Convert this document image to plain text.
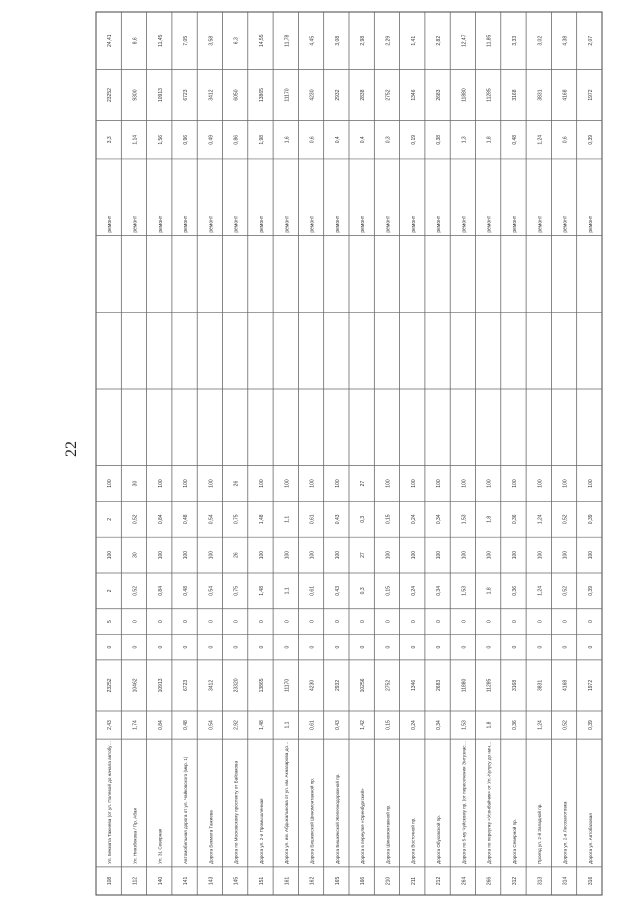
108
Ул. Бекмата Тажиева (от ул. Полевой до начала автобу…
2,43
23252
0
5
2
100
2
100
ремонт
3,3
23252
24,41
112
Ул. Ниязбекова / Пр. Абая
1,74
10462
0
0
0,52
30
0,52
30
ремонт
1,14
9300
8,6
140
Ул. 31 Северная
0,84
10913
0
0
0,84
100
0,84
100
ремонт
1,56
10913
11,45
141
Автомобильная дорога от ул. Чайковского (мкр. 1)
0,48
6723
0
0
0,48
100
0,48
100
ремонт
0,96
6723
7,05
143
Дорога Бекмата Тажиева
0,54
3412
0
0
0,54
100
0,54
100
ремонт
0,49
3412
3,58
145
Дорога по Московскому проспекту от Байзакова
2,92
23320
0
0
0,75
26
0,75
26
ремонт
0,86
6050
6,3
151
Дорога ул. 2-я Промышленная
1,48
13865
0
0
1,48
100
1,48
100
ремонт
1,98
13865
14,55
161
Дорога ул. им. Абдыкалыкова от ул. им. Акназарова до…
1,1
11170
0
0
1,1
100
1,1
100
ремонт
1,6
11170
11,78
162
Дорога Бишкекской Шиномонтажной пр.
0,61
4230
0
0
0,61
100
0,61
100
ремонт
0,6
4230
4,45
165
Дорога Бишкекской Железнодорожной пр.
0,43
2932
0
0
0,43
100
0,43
100
ремонт
0,4
2932
3,08
166
Дорога в переулке «Оренбургский»
1,42
10256
0
0
0,3
27
0,3
27
ремонт
0,4
2838
2,98
210
Дорога Шиномонтажной пр.
0,15
2752
0
0
0,15
100
0,15
100
ремонт
0,3
2752
2,29
211
Дорога Восточной пр.
0,24
1346
0
0
0,24
100
0,24
100
ремонт
0,19
1346
1,41
212
Дорога Обуховской пр.
0,34
2683
0
0
0,34
100
0,34
100
ремонт
0,38
2683
2,82
264
Дорога по 5-му Чуйскому пр. (от пересечения Энтузиас…
1,53
11880
0
0
1,53
100
1,53
100
ремонт
1,3
11880
12,47
266
Дорога по переулку «Усенбайчик» от Ул.-Кулусу до нач…
1,8
11285
0
0
1,8
100
1,8
100
ремонт
1,8
11285
11,85
312
Дорога Северной пр.
0,36
3168
0
0
0,36
100
0,36
100
ремонт
0,48
3168
3,33
313
Проезд ул. 2-й Западной пр.
1,24
3831
0
0
1,24
100
1,24
100
ремонт
1,24
3831
3,02
314
Дорога ул. 2-я Лесозаготовка
0,52
4168
0
0
0,52
100
0,52
100
ремонт
0,6
4168
4,38
316
Дорога ул. Автобазовая
0,39
1972
0
0
0,39
100
0,39
100
ремонт
0,39
1972
2,07
22
